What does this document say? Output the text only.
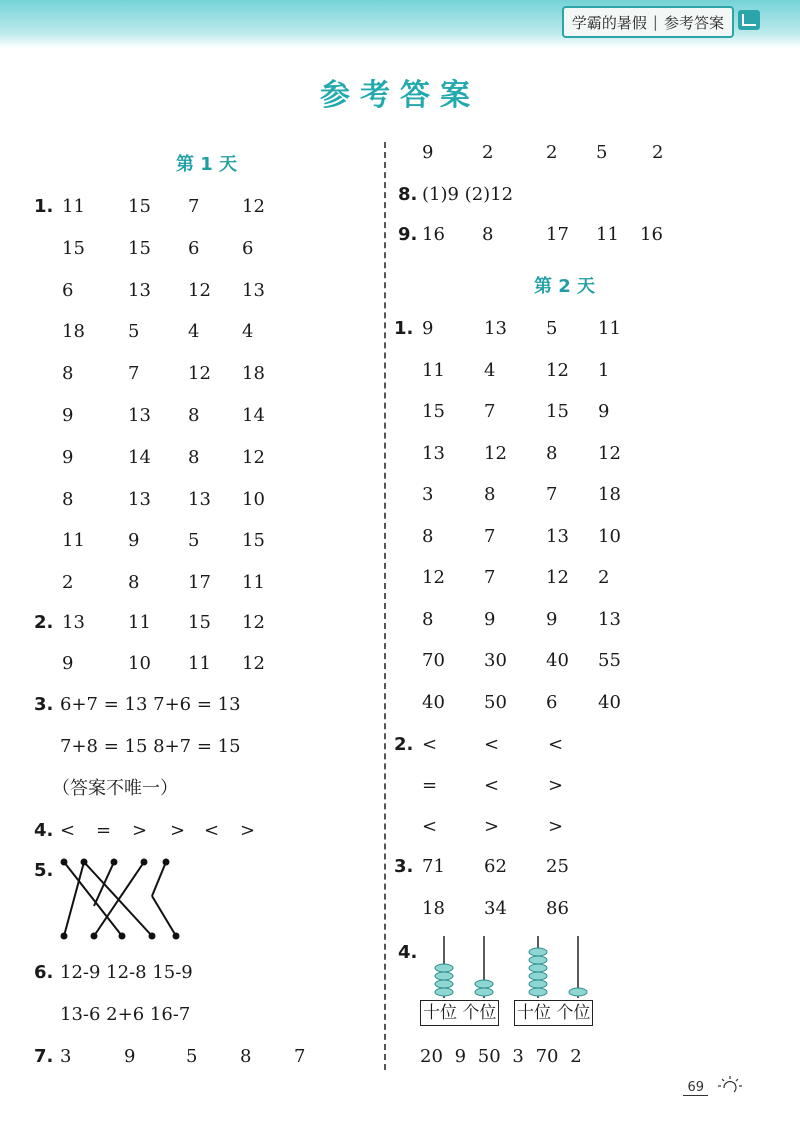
学霸的暑假 | 参考答案
参考答案
第 1 天
11 15 7 12
1.
15 15 6 6
6	13 12 13
18 5	4 4
8	7	12 18
9	13 8 14
9	14 8 12
8	13 13 10
11 9	5 15
2	8	17 11
13 11 15 12
2.
9	10 11 12
3. 6+7 = 13 7+6 = 13
7+8 = 15 8+7 = 15
（答案不唯一）
4. < = > > < >
5.
6. 12-9 12-8 15-9
13-6 2+6 16-7
7. 3	9	5 8 7
9	2	2 5 2
8. (1)9 (2)12
9. 16 8	17 11 16
第 2 天
9	13 5 11
1.
11 4	12 1
15 7	15 9
13 12 8 12
3	8	7 18
8	7	13 10
12 7	12 2
8	9	9 13
70 30 40 55
40 50 6 40
<	<	<
2.
=	<	>
<	>	>
71 62 25
3.
18 34 86
4.
十位 个位 十位 个位
20 9 50 3 70 2
69
